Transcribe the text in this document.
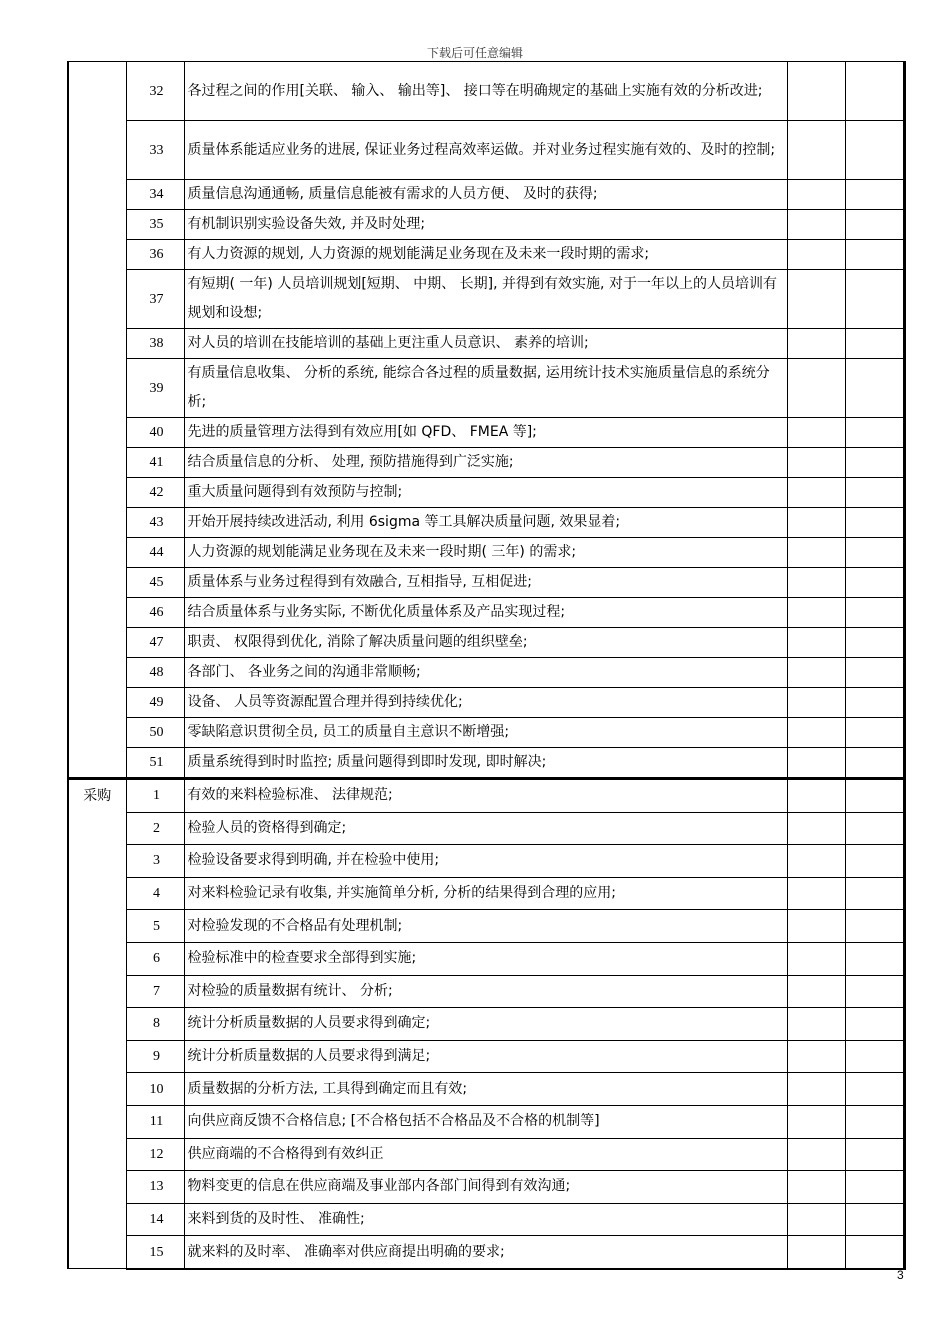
下载后可任意编辑
	32	各过程之间的作用[关联、 输入、 输出等]、 接口等在明确规定的基础上实施有效的分析改进;		
	33	质量体系能适应业务的进展, 保证业务过程高效率运做。并对业务过程实施有效的、及时的控制;		
	34	质量信息沟通通畅, 质量信息能被有需求的人员方便、 及时的获得;		
	35	有机制识别实验设备失效, 并及时处理;		
	36	有人力资源的规划, 人力资源的规划能满足业务现在及未来一段时期的需求;		
	37	有短期( 一年) 人员培训规划[短期、 中期、 长期], 并得到有效实施, 对于一年以上的人员培训有规划和设想;		
	38	对人员的培训在技能培训的基础上更注重人员意识、 素养的培训;		
	39	有质量信息收集、 分析的系统, 能综合各过程的质量数据, 运用统计技术实施质量信息的系统分析;		
	40	先进的质量管理方法得到有效应用[如 QFD、 FMEA 等];		
	41	结合质量信息的分析、 处理, 预防措施得到广泛实施;		
	42	重大质量问题得到有效预防与控制;		
	43	开始开展持续改进活动, 利用 6sigma 等工具解决质量问题, 效果显着;		
	44	人力资源的规划能满足业务现在及未来一段时期( 三年) 的需求;		
	45	质量体系与业务过程得到有效融合, 互相指导, 互相促进;		
	46	结合质量体系与业务实际, 不断优化质量体系及产品实现过程;		
	47	职责、 权限得到优化, 消除了解决质量问题的组织壁垒;		
	48	各部门、 各业务之间的沟通非常顺畅;		
	49	设备、 人员等资源配置合理并得到持续优化;		
	50	零缺陷意识贯彻全员, 员工的质量自主意识不断增强;		
	51	质量系统得到时时监控; 质量问题得到即时发现, 即时解决;		
采购	1	有效的来料检验标准、 法律规范;		
	2	检验人员的资格得到确定;		
	3	检验设备要求得到明确, 并在检验中使用;		
	4	对来料检验记录有收集, 并实施简单分析, 分析的结果得到合理的应用;		
	5	对检验发现的不合格品有处理机制;		
	6	检验标准中的检查要求全部得到实施;		
	7	对检验的质量数据有统计、 分析;		
	8	统计分析质量数据的人员要求得到确定;		
	9	统计分析质量数据的人员要求得到满足;		
	10	质量数据的分析方法, 工具得到确定而且有效;		
	11	向供应商反馈不合格信息; [不合格包括不合格品及不合格的机制等]		
	12	供应商端的不合格得到有效纠正		
	13	物料变更的信息在供应商端及事业部内各部门间得到有效沟通;		
	14	来料到货的及时性、 准确性;		
	15	就来料的及时率、 准确率对供应商提出明确的要求;		
3
